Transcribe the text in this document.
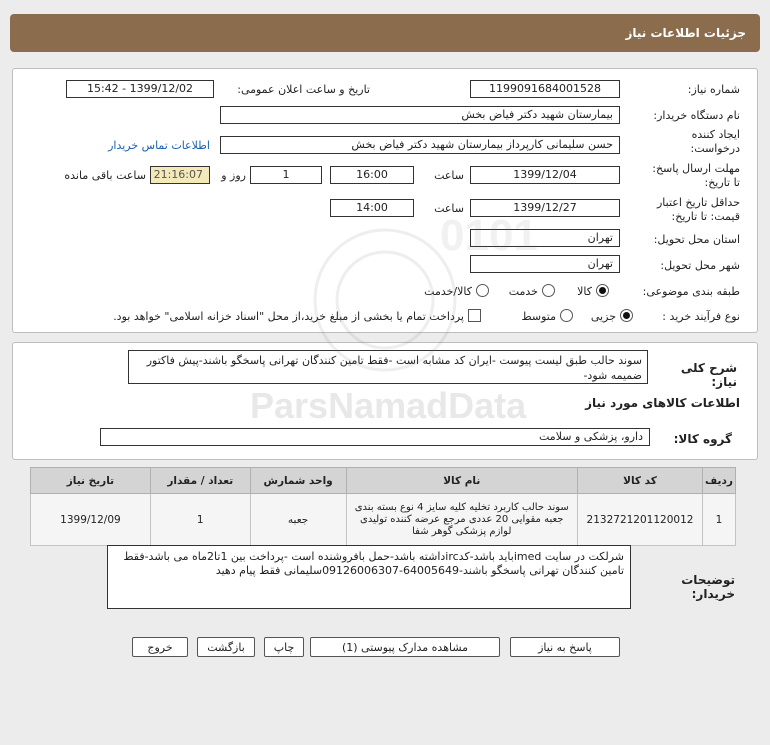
جزئیات اطلاعات نیاز
شماره نیاز:
1199091684001528
تاریخ و ساعت اعلان عمومی:
1399/12/02 - 15:42
نام دستگاه خریدار:
بیمارستان شهید دکتر فیاض بخش
ایجاد کننده
درخواست:
حسن سلیمانی کارپرداز بیمارستان شهید دکتر فیاض بخش
اطلاعات تماس خریدار
مهلت ارسال پاسخ:
تا تاریخ:
1399/12/04
ساعت
16:00
1
روز و
21:16:07
ساعت باقی مانده
حداقل تاریخ اعتبار
قیمت: تا تاریخ:
1399/12/27
ساعت
14:00
استان محل تحویل:
تهران
شهر محل تحویل:
تهران
طبقه بندی موضوعی:
کالا
خدمت
کالا/خدمت
نوع فرآیند خرید :
جزیی
متوسط
پرداخت تمام یا بخشی از مبلغ خرید،از محل "اسناد خزانه اسلامی" خواهد بود.
شرح کلی نیاز:
سوند حالب طبق لیست پیوست -ایران کد مشابه است -فقط تامین کنندگان تهرانی پاسخگو باشند-پیش فاکتور ضمیمه شود-
اطلاعات کالاهای مورد نیاز
گروه کالا:
دارو، پزشکی و سلامت
تاریخ نیاز	تعداد / مقدار	واحد شمارش	نام کالا	کد کالا	ردیف
1399/12/09	1	جعبه	سوند حالب کاربرد تخلیه کلیه سایز 4 نوع بسته بندی جعبه مقوایی 20 عددی مرجع عرضه کننده تولیدی لوازم پزشکی گوهر شفا	2132721201120012	1
توضیحات خریدار:
شرلکت در سایت imedباید باشد-کدircداشته باشد-حمل بافروشنده است -پرداخت بین 1تا2ماه می باشد-فقط تامین کنندگان تهرانی پاسخگو باشند-64005649-09126006307سلیمانی فقط پیام دهید
پاسخ به نیاز
مشاهده مدارک پیوستی (1)
چاپ
بازگشت
خروج
